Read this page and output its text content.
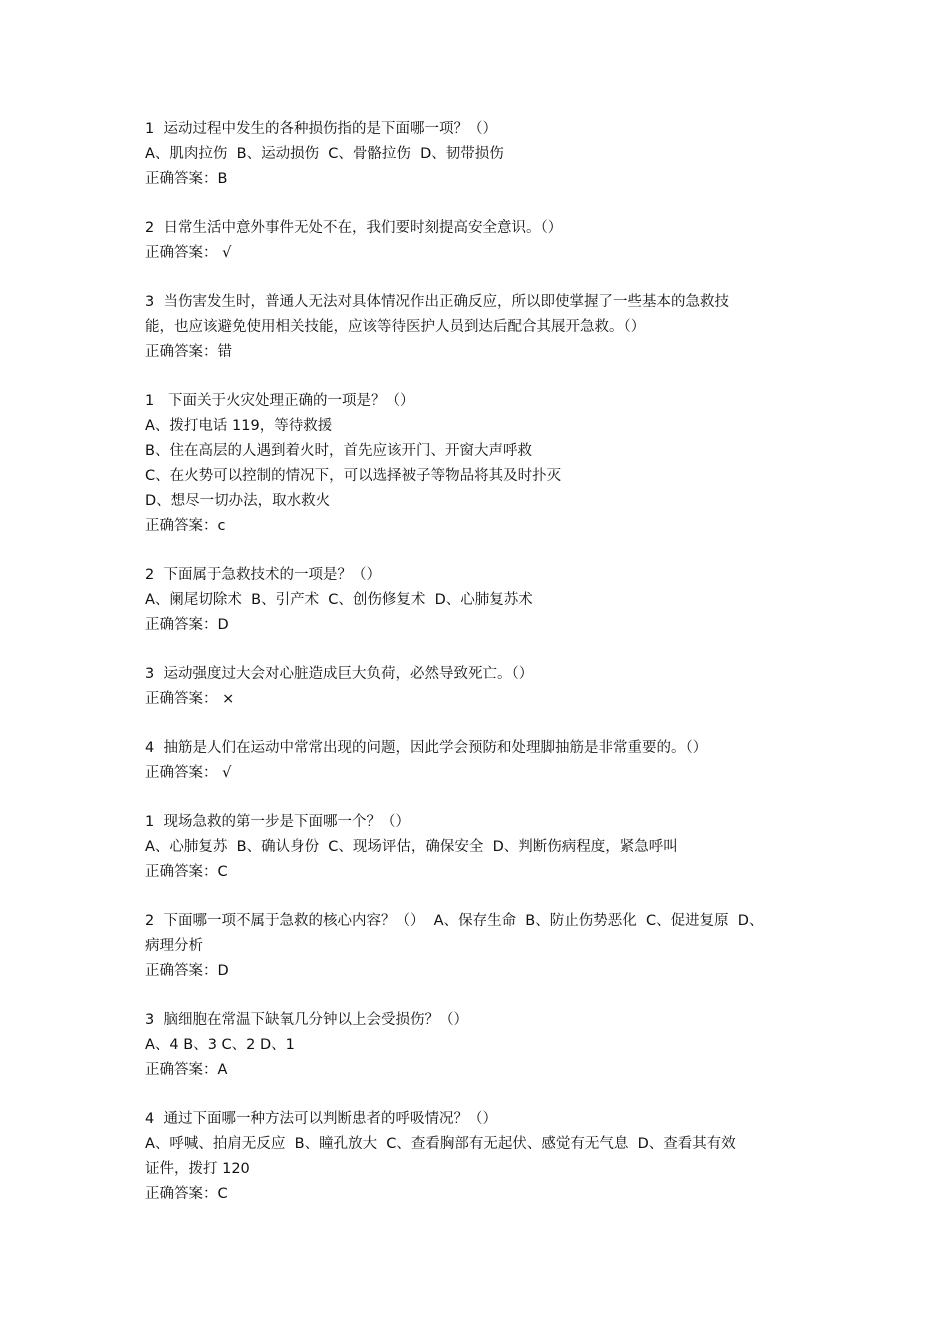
1  运动过程中发生的各种损伤指的是下面哪一项？（）
A、肌肉拉伤  B、运动损伤  C、骨骼拉伤  D、韧带损伤
正确答案：B
2  日常生活中意外事件无处不在，我们要时刻提高安全意识。（）
正确答案： √
3  当伤害发生时，普通人无法对具体情况作出正确反应，所以即使掌握了一些基本的急救技
能，也应该避免使用相关技能，应该等待医护人员到达后配合其展开急救。（）
正确答案：错
1   下面关于火灾处理正确的一项是？（）
A、拨打电话 119，等待救援
B、住在高层的人遇到着火时，首先应该开门、开窗大声呼救
C、在火势可以控制的情况下，可以选择被子等物品将其及时扑灭
D、想尽一切办法，取水救火
正确答案：c
2  下面属于急救技术的一项是？（）
A、阑尾切除术  B、引产术  C、创伤修复术  D、心肺复苏术
正确答案：D
3  运动强度过大会对心脏造成巨大负荷，必然导致死亡。（）
正确答案： ×
4  抽筋是人们在运动中常常出现的问题，因此学会预防和处理脚抽筋是非常重要的。（）
正确答案： √
1  现场急救的第一步是下面哪一个？（）
A、心肺复苏  B、确认身份  C、现场评估，确保安全  D、判断伤病程度，紧急呼叫
正确答案：C
2  下面哪一项不属于急救的核心内容？（）  A、保存生命  B、防止伤势恶化  C、促进复原  D、
病理分析
正确答案：D
3  脑细胞在常温下缺氧几分钟以上会受损伤？（）
A、4 B、3 C、2 D、1
正确答案：A
4  通过下面哪一种方法可以判断患者的呼吸情况？（）
A、呼喊、拍肩无反应  B、瞳孔放大  C、查看胸部有无起伏、感觉有无气息  D、查看其有效
证件，拨打 120
正确答案：C
